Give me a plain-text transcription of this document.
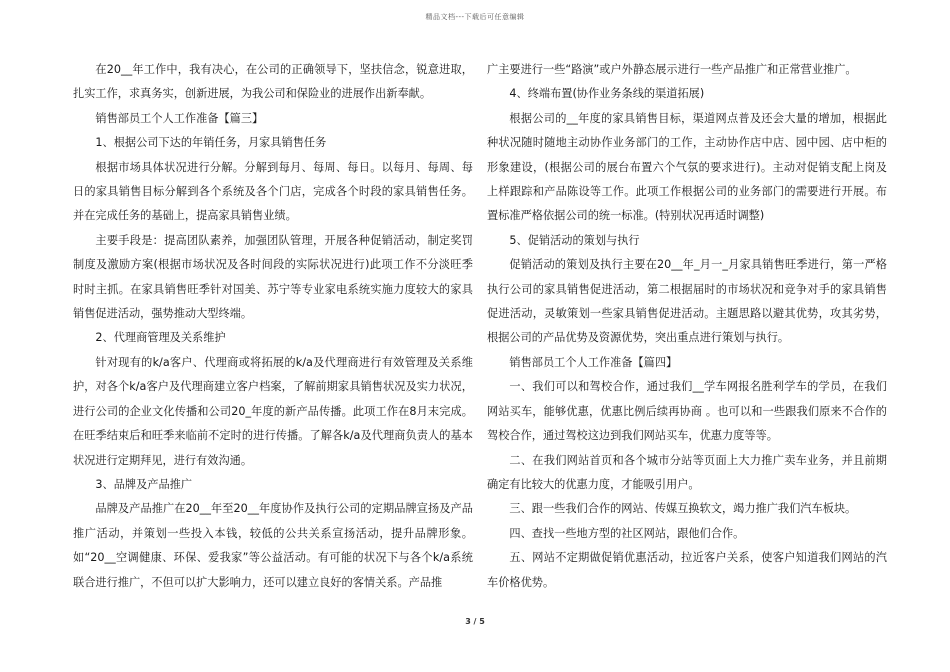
精品文档---下载后可任意编辑

在20__年工作中，我有决心，在公司的正确领导下，坚扶信念，锐意进取，扎实工作，求真务实，创新进展，为我公司和保险业的进展作出新奉献。

销售部员工个人工作准备【篇三】

1、根据公司下达的年销任务，月家具销售任务

根据市场具体状况进行分解。分解到每月、每周、每日。以每月、每周、每日的家具销售目标分解到各个系统及各个门店，完成各个时段的家具销售任务。并在完成任务的基础上，提高家具销售业绩。

主要手段是：提高团队素养，加强团队管理，开展各种促销活动，制定奖罚制度及激励方案(根据市场状况及各时间段的实际状况进行)此项工作不分淡旺季时时主抓。在家具销售旺季针对国美、苏宁等专业家电系统实施力度较大的家具销售促进活动，强势推动大型终端。

2、代理商管理及关系维护

针对现有的k/a客户、代理商或将拓展的k/a及代理商进行有效管理及关系维护，对各个k/a客户及代理商建立客户档案，了解前期家具销售状况及实力状况，进行公司的企业文化传播和公司20_年度的新产品传播。此项工作在8月末完成。在旺季结束后和旺季来临前不定时的进行传播。了解各k/a及代理商负责人的基本状况进行定期拜见，进行有效沟通。

3、品牌及产品推广

品牌及产品推广在20__年至20__年度协作及执行公司的定期品牌宣扬及产品推广活动，并策划一些投入本钱，较低的公共关系宣扬活动，提升品牌形象。如“20__空调健康、环保、爱我家”等公益活动。有可能的状况下与各个k/a系统联合进行推广，不但可以扩大影响力，还可以建立良好的客情关系。产品推

广主要进行一些“路演”或户外静态展示进行一些产品推广和正常营业推广。

4、终端布置(协作业务条线的渠道拓展)

根据公司的__年度的家具销售目标，渠道网点普及还会大量的增加，根据此种状况随时随地主动协作业务部门的工作，主动协作店中店、园中园、店中柜的形象建设，(根据公司的展台布置六个气氛的要求进行)。主动对促销支配上岗及上样跟踪和产品陈设等工作。此项工作根据公司的业务部门的需要进行开展。布置标准严格依据公司的统一标准。(特别状况再适时调整)

5、促销活动的策划与执行

促销活动的策划及执行主要在20__年_月一_月家具销售旺季进行，第一严格执行公司的家具销售促进活动，第二根据届时的市场状况和竞争对手的家具销售促进活动，灵敏策划一些家具销售促进活动。主题思路以避其优势，攻其劣势，根据公司的产品优势及资源优势，突出重点进行策划与执行。

销售部员工个人工作准备【篇四】

一、我们可以和驾校合作，通过我们__学车网报名胜利学车的学员，在我们网站买车，能够优惠，优惠比例后续再协商 。也可以和一些跟我们原来不合作的驾校合作，通过驾校这边到我们网站买车，优惠力度等等。

二、在我们网站首页和各个城市分站等页面上大力推广卖车业务，并且前期确定有比较大的优惠力度，才能吸引用户。

三、跟一些我们合作的网站、传媒互换软文，竭力推广我们汽车板块。

四、查找一些地方型的社区网站，跟他们合作。

五、网站不定期做促销优惠活动，拉近客户关系，使客户知道我们网站的汽车价格优势。

3 / 5
